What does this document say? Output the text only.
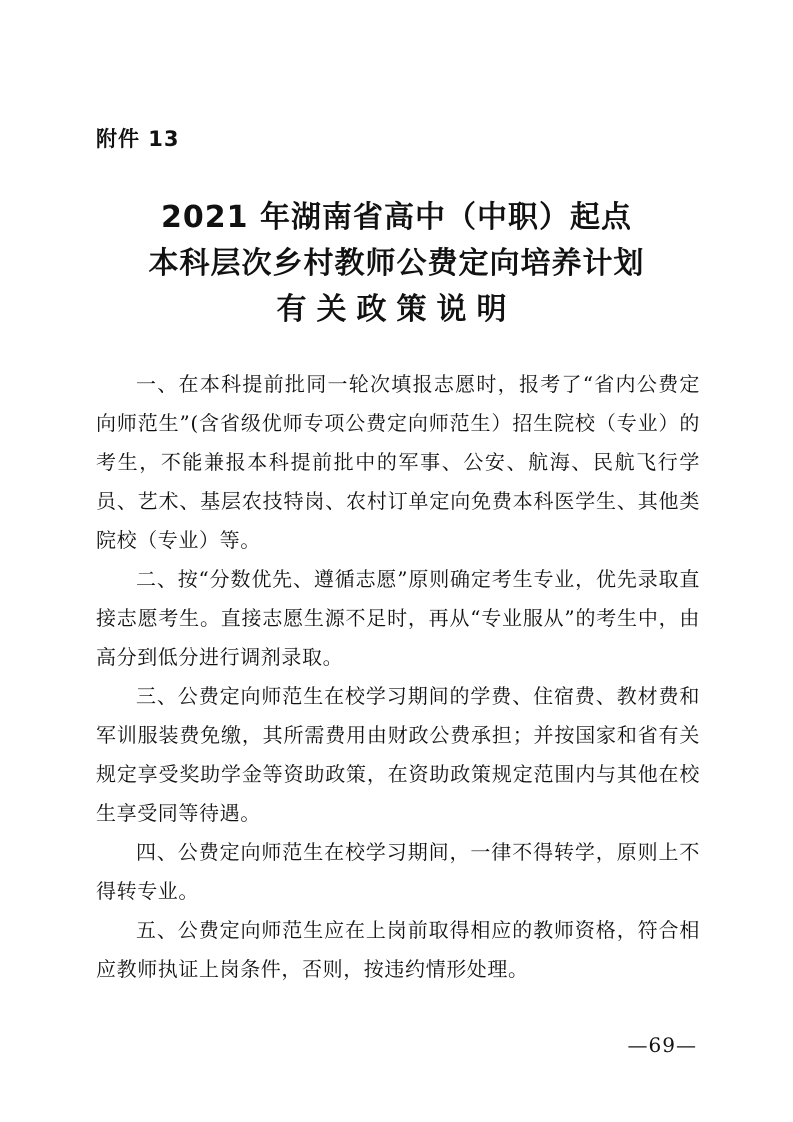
附件 13
2021 年湖南省高中（中职）起点
本科层次乡村教师公费定向培养计划
有关政策说明

一、在本科提前批同一轮次填报志愿时，报考了“省内公费定向师范生”(含省级优师专项公费定向师范生）招生院校（专业）的考生，不能兼报本科提前批中的军事、公安、航海、民航飞行学员、艺术、基层农技特岗、农村订单定向免费本科医学生、其他类院校（专业）等。

二、按“分数优先、遵循志愿”原则确定考生专业，优先录取直接志愿考生。直接志愿生源不足时，再从“专业服从”的考生中，由高分到低分进行调剂录取。

三、公费定向师范生在校学习期间的学费、住宿费、教材费和军训服装费免缴，其所需费用由财政公费承担；并按国家和省有关规定享受奖助学金等资助政策，在资助政策规定范围内与其他在校生享受同等待遇。

四、公费定向师范生在校学习期间，一律不得转学，原则上不得转专业。

五、公费定向师范生应在上岗前取得相应的教师资格，符合相应教师执证上岗条件，否则，按违约情形处理。

—69—
